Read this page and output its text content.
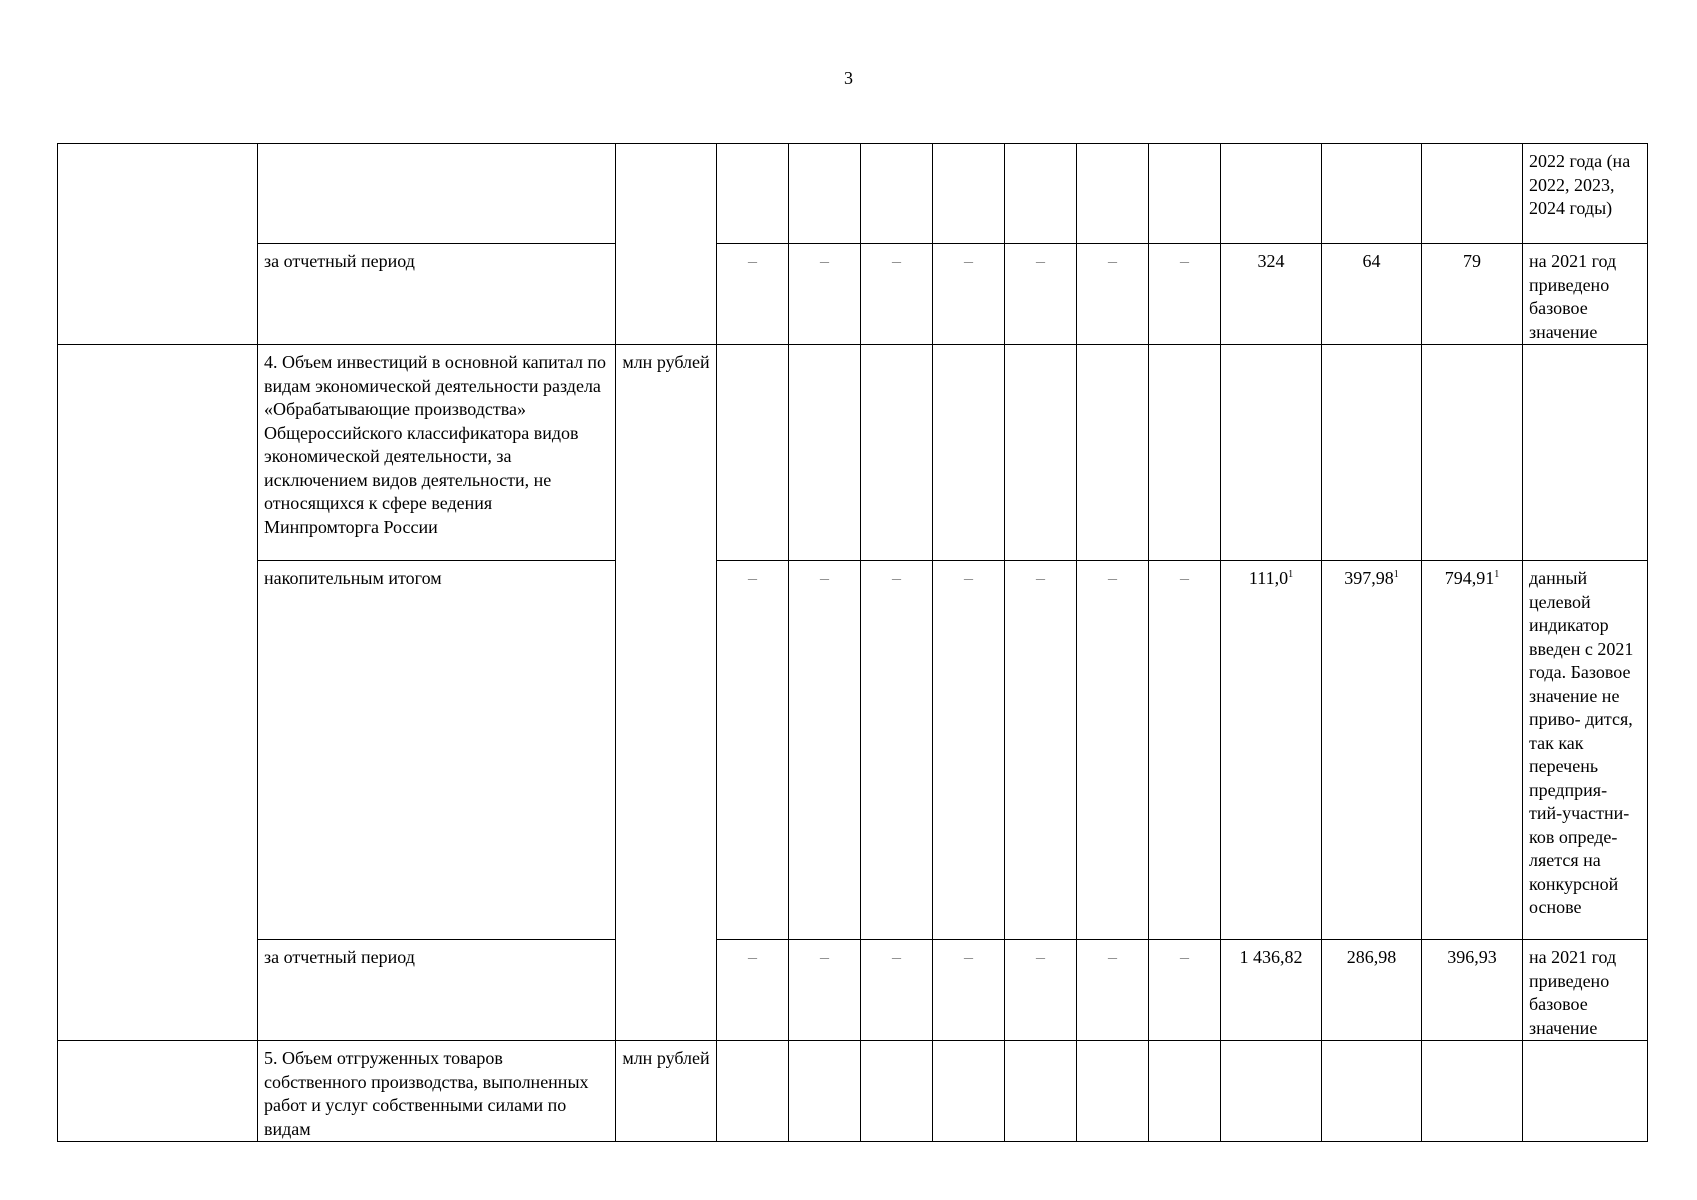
3
													2022 года (на 2022, 2023, 2024 годы)
	за отчетный период		–	–	–	–	–	–	–	324	64	79	на 2021 год приведено базовое значение
	4. Объем инвестиций в основной капитал по видам экономической деятельности раздела «Обрабатывающие производства» Общероссийского классификатора видов экономической деятельности, за исключением видов деятельности, не относящихся к сфере ведения Минпромторга России	млн рублей											
	накопительным итогом		–	–	–	–	–	–	–	111,0$^1$	397,98$^1$	794,91$^1$	данный целевой индикатор введен с 2021 года. Базовое значение не приво- дится, так как перечень предприя- тий-участни- ков опреде- ляется на конкурсной основе
	за отчетный период		–	–	–	–	–	–	–	1 436,82	286,98	396,93	на 2021 год приведено базовое значение
	5. Объем отгруженных товаров собственного производства, выполненных работ и услуг собственными силами по видам	млн рублей											
